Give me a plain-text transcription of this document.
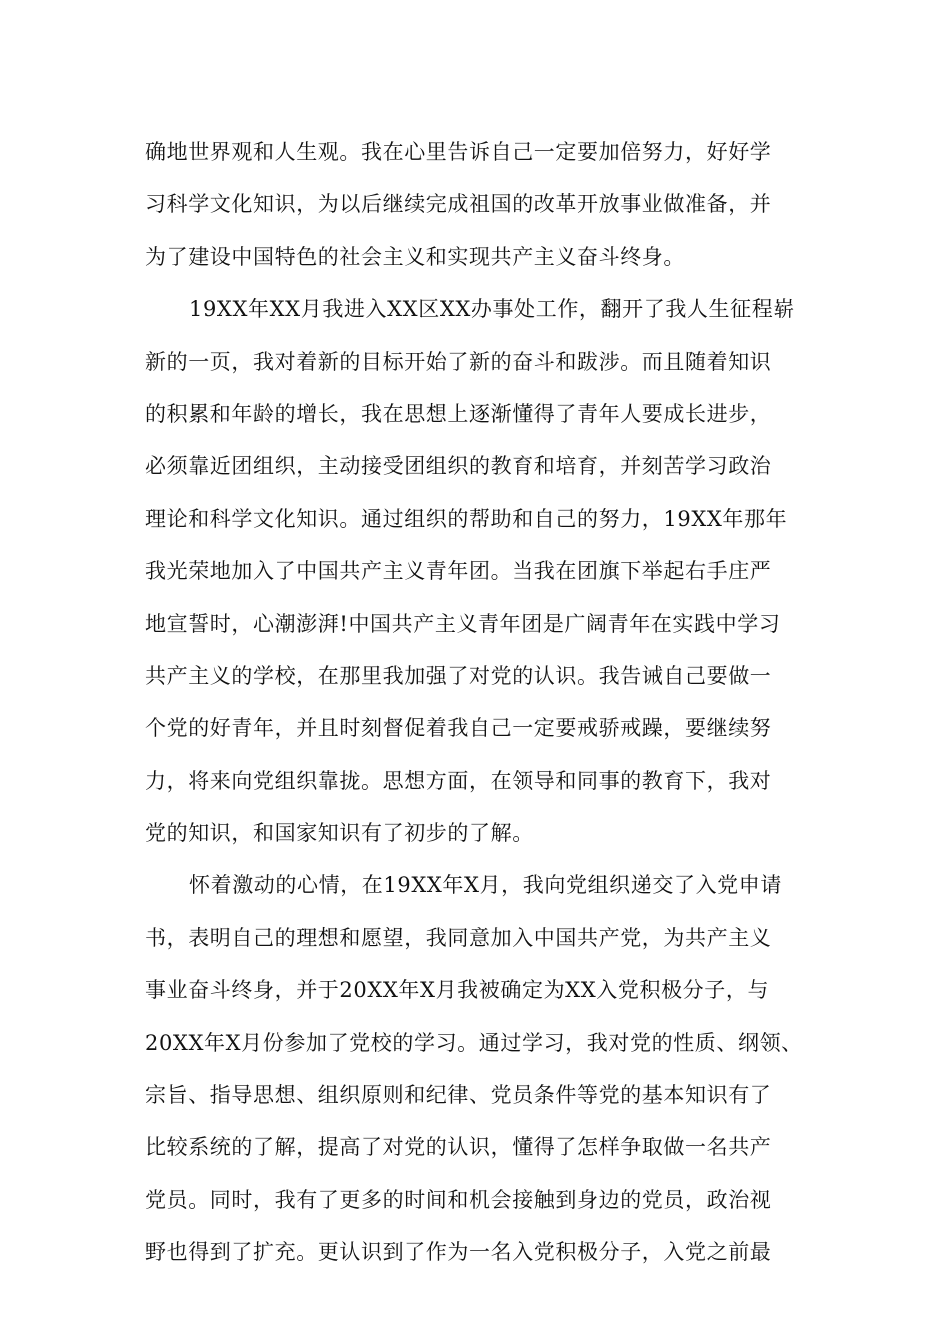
确地世界观和人生观。我在心里告诉自己一定要加倍努力，好好学
习科学文化知识，为以后继续完成祖国的改革开放事业做准备，并
为了建设中国特色的社会主义和实现共产主义奋斗终身。
19XX年XX月我进入XX区XX办事处工作，翻开了我人生征程崭
新的一页，我对着新的目标开始了新的奋斗和跋涉。而且随着知识
的积累和年龄的增长，我在思想上逐渐懂得了青年人要成长进步，
必须靠近团组织，主动接受团组织的教育和培育，并刻苦学习政治
理论和科学文化知识。通过组织的帮助和自己的努力，19XX年那年
我光荣地加入了中国共产主义青年团。当我在团旗下举起右手庄严
地宣誓时，心潮澎湃!中国共产主义青年团是广阔青年在实践中学习
共产主义的学校，在那里我加强了对党的认识。我告诫自己要做一
个党的好青年，并且时刻督促着我自己一定要戒骄戒躁，要继续努
力，将来向党组织靠拢。思想方面，在领导和同事的教育下，我对
党的知识，和国家知识有了初步的了解。
怀着激动的心情，在19XX年X月，我向党组织递交了入党申请
书，表明自己的理想和愿望，我同意加入中国共产党，为共产主义
事业奋斗终身，并于20XX年X月我被确定为XX入党积极分子，与
20XX年X月份参加了党校的学习。通过学习，我对党的性质、纲领、
宗旨、指导思想、组织原则和纪律、党员条件等党的基本知识有了
比较系统的了解，提高了对党的认识，懂得了怎样争取做一名共产
党员。同时，我有了更多的时间和机会接触到身边的党员，政治视
野也得到了扩充。更认识到了作为一名入党积极分子，入党之前最
